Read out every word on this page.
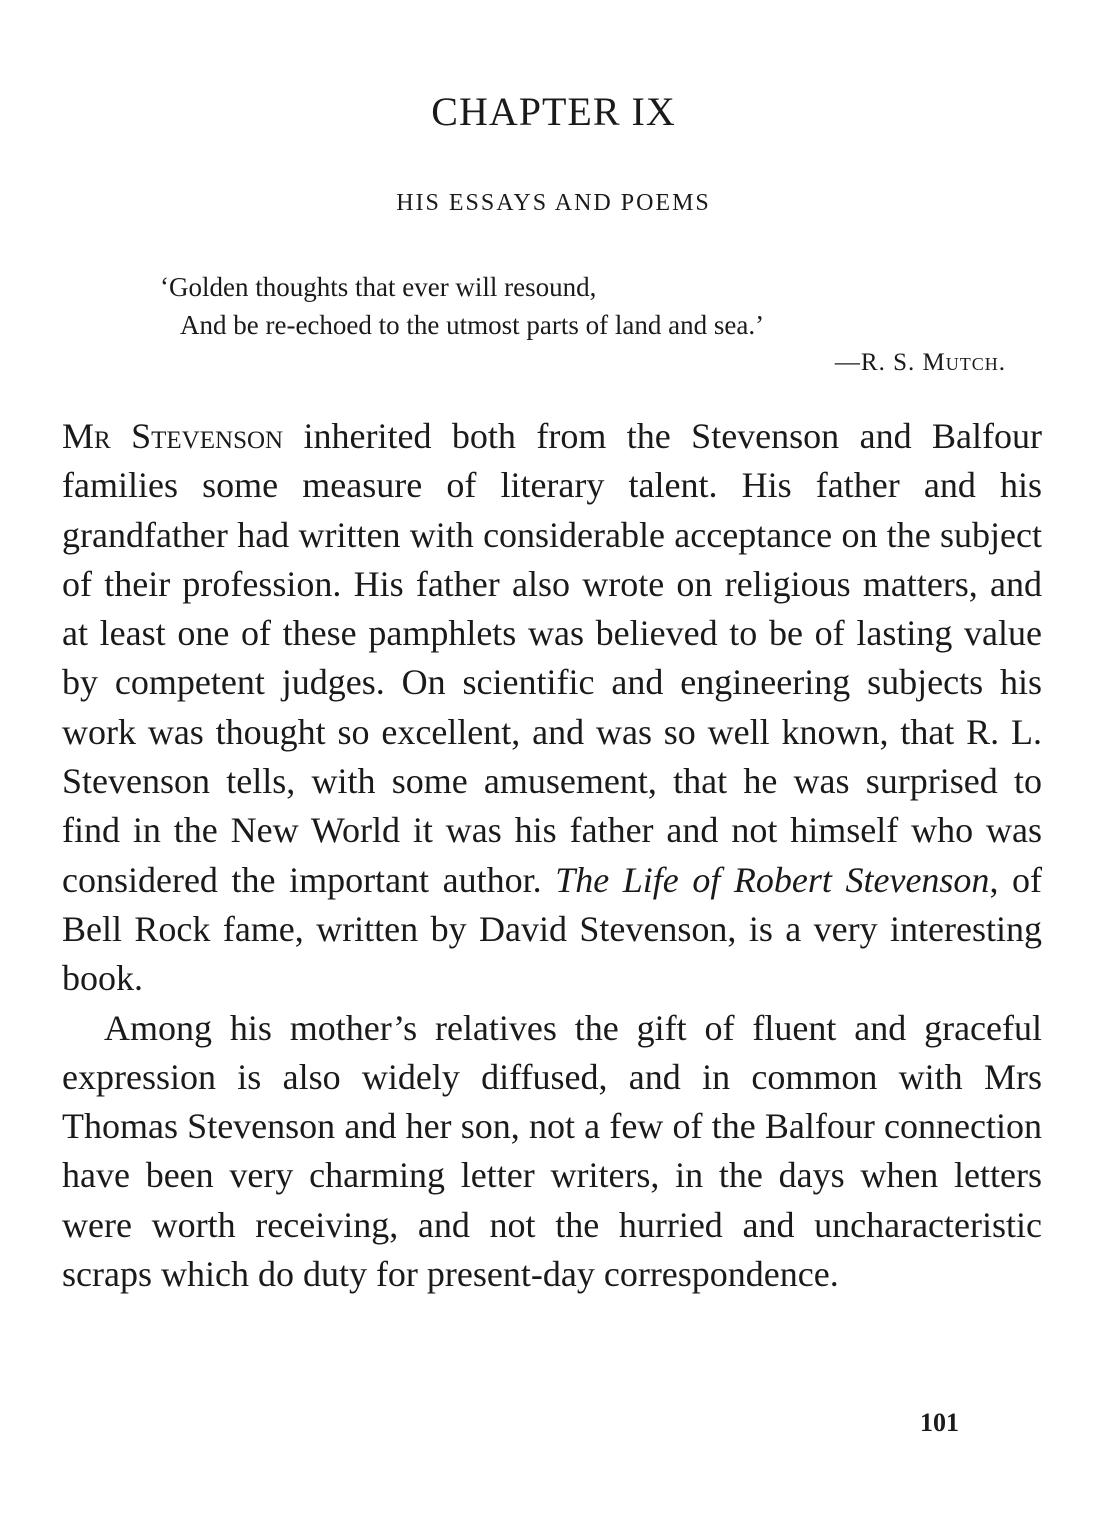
CHAPTER IX
HIS ESSAYS AND POEMS
‘Golden thoughts that ever will resound,
And be re-echoed to the utmost parts of land and sea.’
—R. S. Mutch.

Mr Stevenson inherited both from the Stevenson and Balfour families some measure of literary talent. His father and his grandfather had written with considerable acceptance on the subject of their profession. His father also wrote on religious matters, and at least one of these pamphlets was believed to be of lasting value by competent judges. On scientific and engineering subjects his work was thought so excellent, and was so well known, that R. L. Stevenson tells, with some amusement, that he was surprised to find in the New World it was his father and not himself who was considered the important author. The Life of Robert Stevenson, of Bell Rock fame, written by David Stevenson, is a very interesting book.

Among his mother’s relatives the gift of fluent and graceful expression is also widely diffused, and in common with Mrs Thomas Stevenson and her son, not a few of the Balfour connection have been very charming letter writers, in the days when letters were worth receiving, and not the hurried and uncharacteristic scraps which do duty for present-day correspondence.

101
